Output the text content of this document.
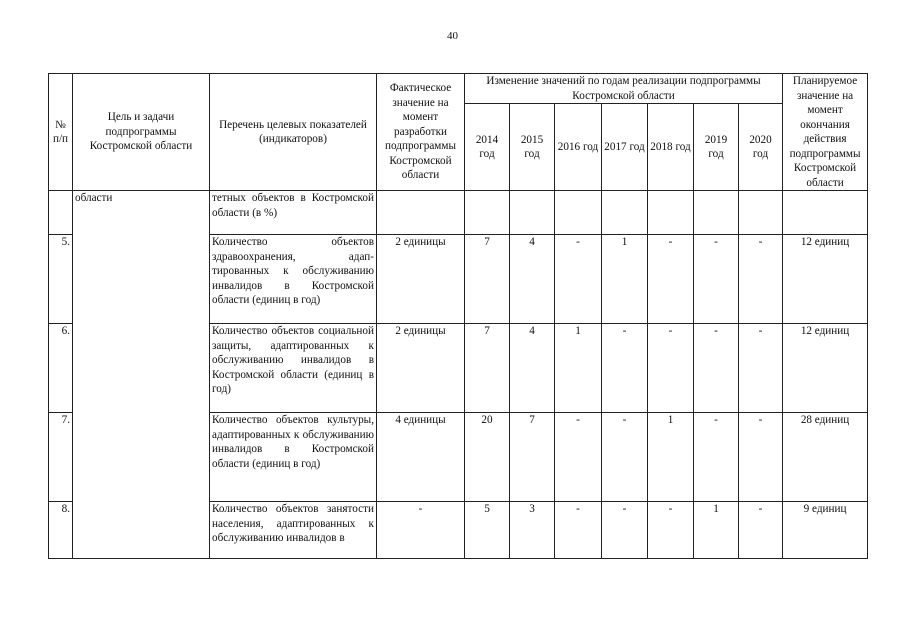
40
№ п/п	Цель и задачи подпрограммы Костромской области	Перечень целевых показателей (индикаторов)	Фактическое значение на момент разработки подпрограммы Костромской области	Изменение значений по годам реализации подпрограммы Костромской области							Планируемое значение на момент окончания действия подпрограммы Костромской области
				2014 год	2015 год	2016 год	2017 год	2018 год	2019 год	2020 год	
	области	тетных объектов в Костромской области (в %)									
5.		Количество объектов здравоохранения, адаптированных к обслуживанию инвалидов в Костромской области (единиц в год)	2 единицы	7	4	-	1	-	-	-	12 единиц
6.		Количество объектов социальной защиты, адаптированных к обслуживанию инвалидов в Костромской области (единиц в год)	2 единицы	7	4	1	-	-	-	-	12 единиц
7.		Количество объектов культуры, адаптированных к обслуживанию инвалидов в Костромской области (единиц в год)	4 единицы	20	7	-	-	1	-	-	28 единиц
8.		Количество объектов занятости населения, адаптированных к обслуживанию инвалидов в	-	5	3	-	-	-	1	-	9 единиц
